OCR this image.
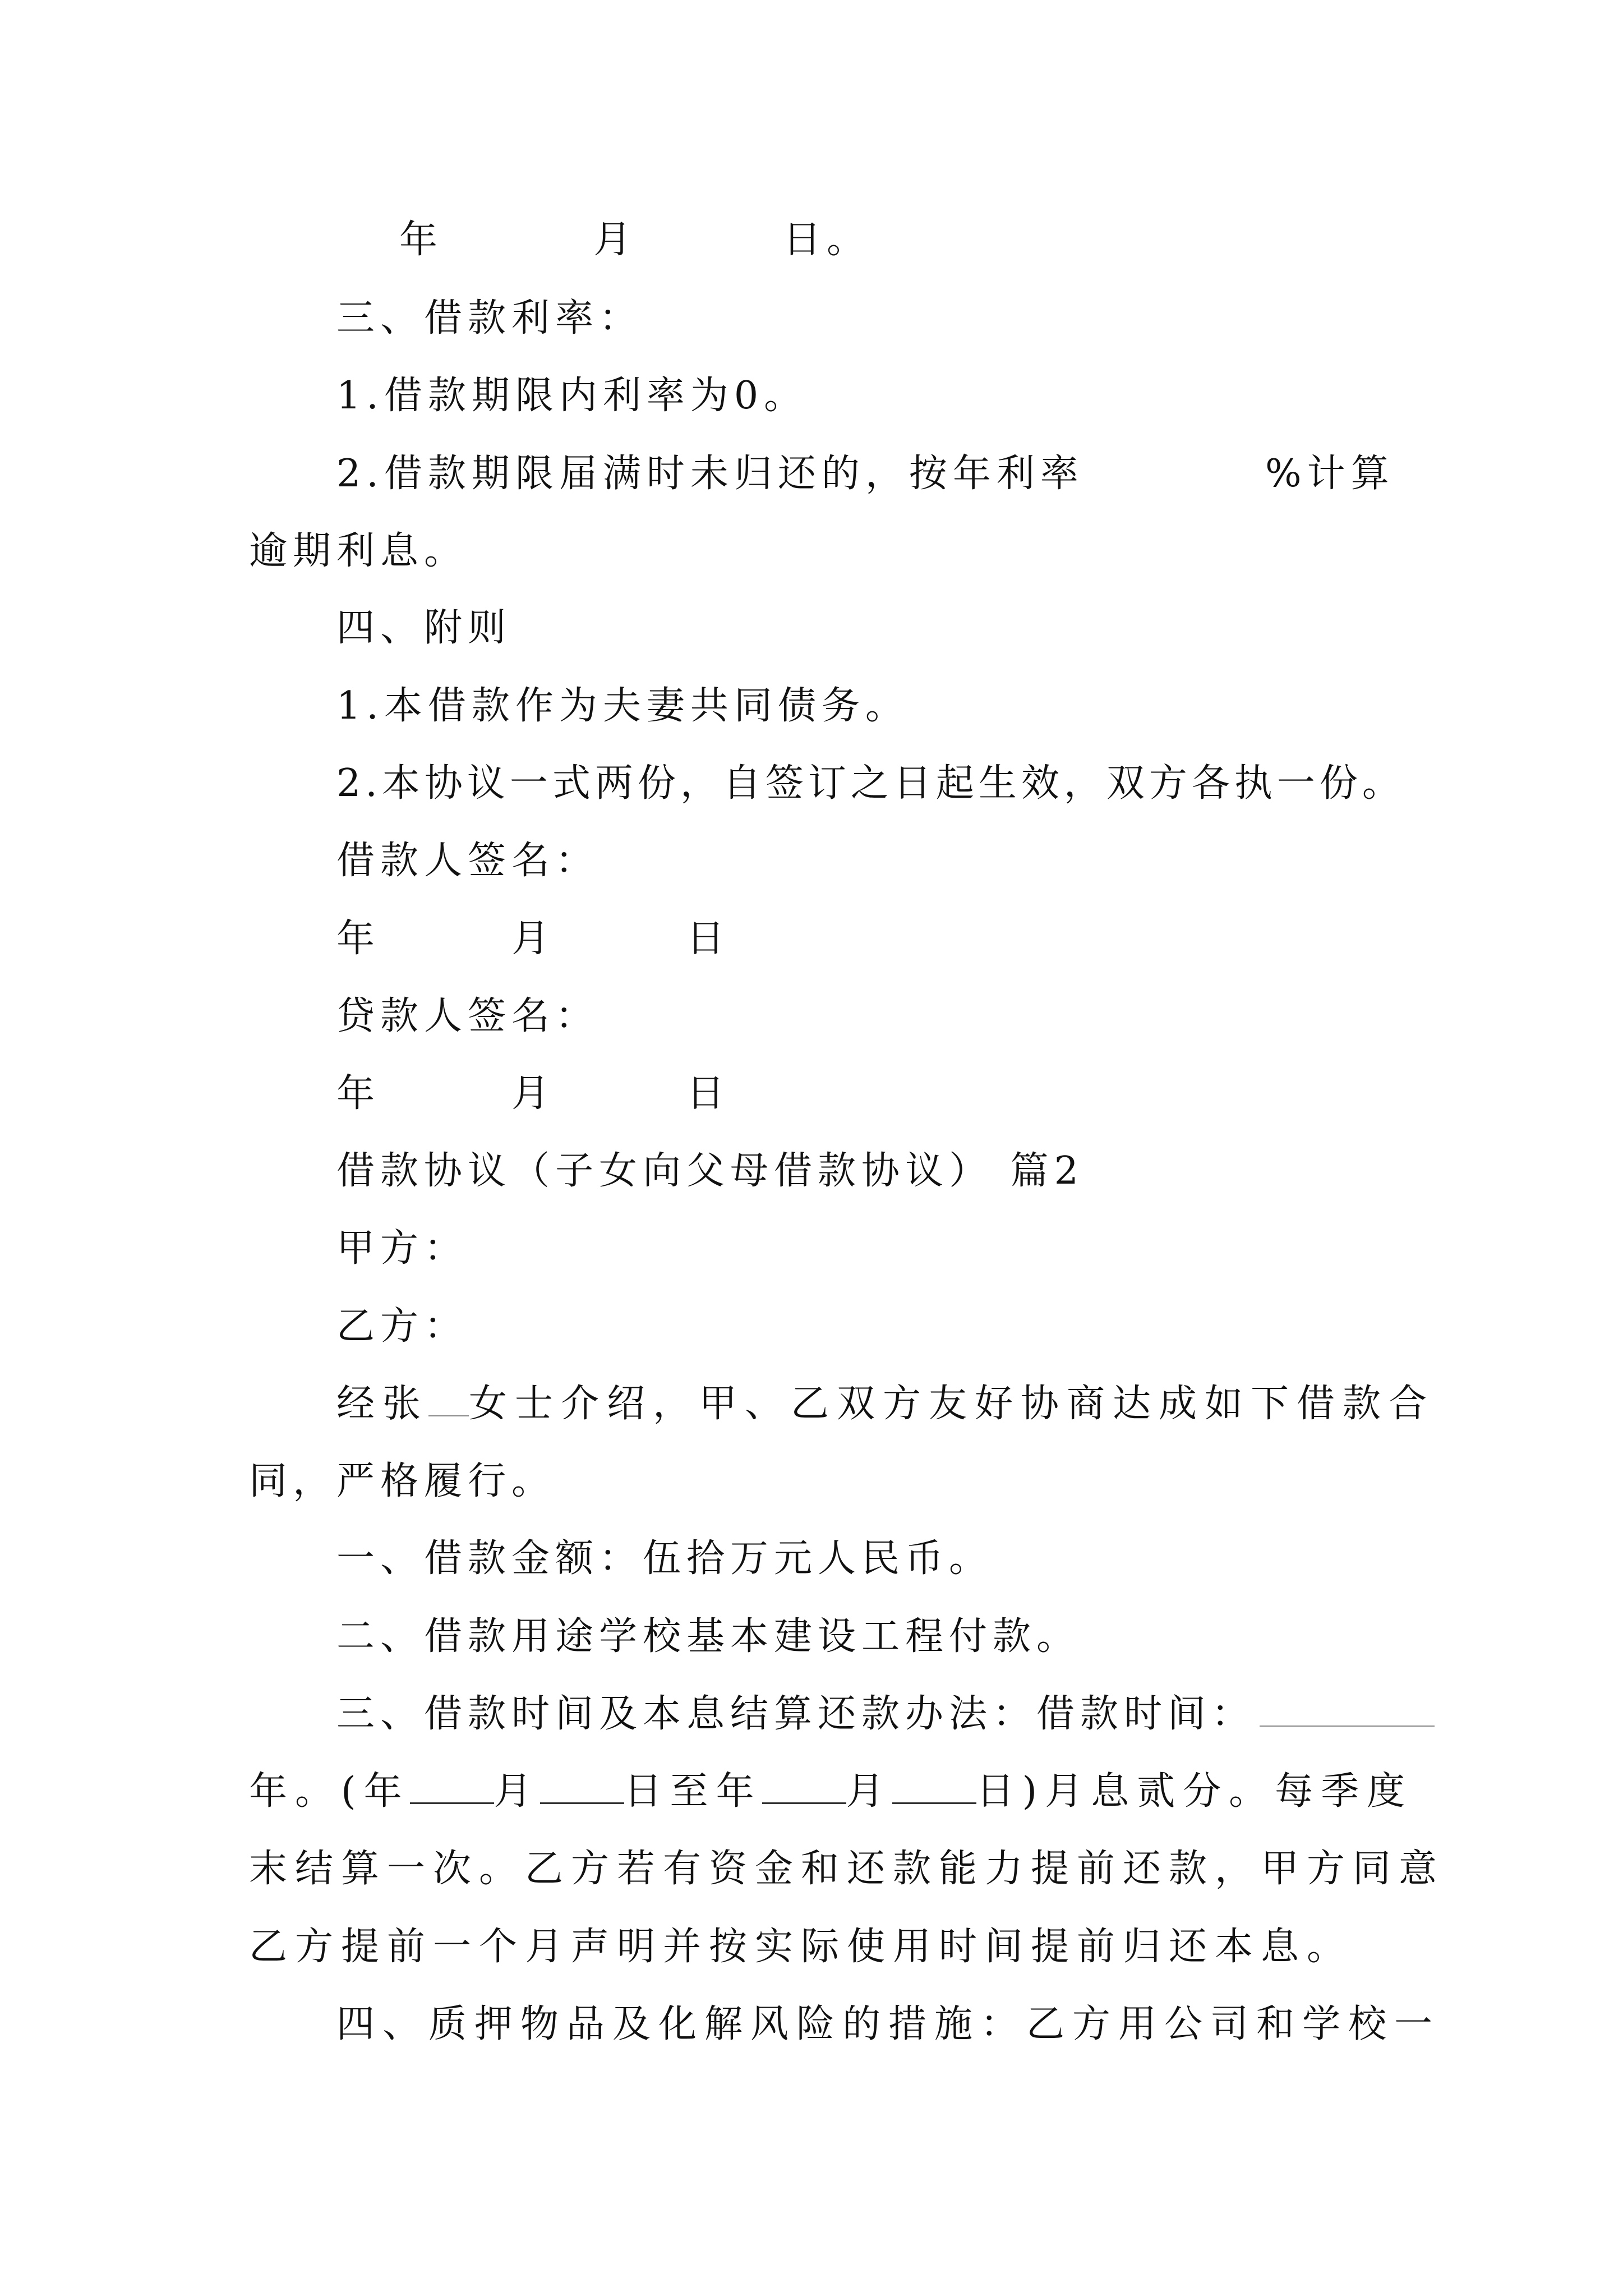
年	月	日。
三、借款利率：
1.借款期限内利率为0。
2.借款期限届满时未归还的，按年利率	%计算
逾期利息。
四、附则
1.本借款作为夫妻共同债务。
2.本协议一式两份，自签订之日起生效，双方各执一份。
借款人签名：
年	月	日
贷款人签名：
年	月	日
借款协议（子女向父母借款协议） 篇2
甲方：
乙方：
经张 女士介绍，甲、乙双方友好协商达成如下借款合
同，严格履行。
一、借款金额：伍拾万元人民币。
二、借款用途学校基本建设工程付款。
三、借款时间及本息结算还款办法：借款时间：
年。(年 月 日至年 月 日)月息贰分。每季度
末结算一次。乙方若有资金和还款能力提前还款，甲方同意
乙方提前一个月声明并按实际使用时间提前归还本息。
四、质押物品及化解风险的措施：乙方用公司和学校一
